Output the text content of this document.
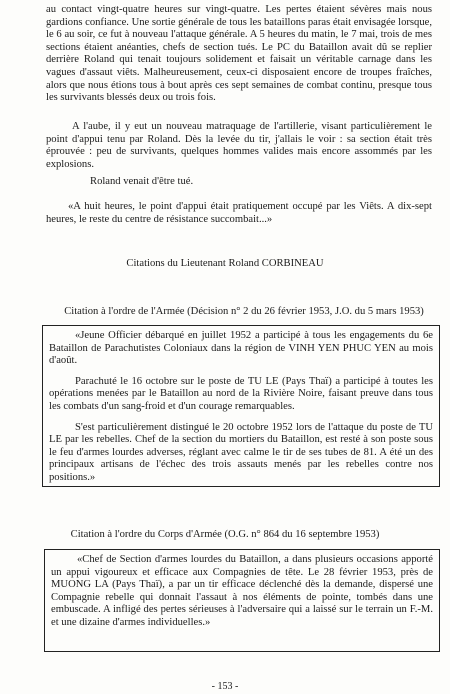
au contact vingt-quatre heures sur vingt-quatre. Les pertes étaient sévères mais nous gardions confiance. Une sortie générale de tous les bataillons paras était envisagée lorsque, le 6 au soir, ce fut à nouveau l'attaque générale. A 5 heures du matin, le 7 mai, trois de mes sections étaient anéanties, chefs de section tués. Le PC du Bataillon avait dû se replier derrière Roland qui tenait toujours solidement et faisait un véritable carnage dans les vagues d'assaut viêts. Malheureusement, ceux-ci disposaient encore de troupes fraîches, alors que nous étions tous à bout après ces sept semaines de combat continu, presque tous les survivants blessés deux ou trois fois.

A l'aube, il y eut un nouveau matraquage de l'artillerie, visant particulièrement le point d'appui tenu par Roland. Dès la levée du tir, j'allais le voir : sa section était très éprouvée : peu de survivants, quelques hommes valides mais encore assommés par les explosions.

Roland venait d'être tué.

«A huit heures, le point d'appui était pratiquement occupé par les Viêts. A dix-sept heures, le reste du centre de résistance succombait...»

Citations du Lieutenant Roland CORBINEAU
Citation à l'ordre de l'Armée (Décision n° 2 du 26 février 1953, J.O. du 5 mars 1953)

«Jeune Officier débarqué en juillet 1952 a participé à tous les engagements du 6e Bataillon de Parachutistes Coloniaux dans la région de VINH YEN PHUC YEN au mois d'août.

Parachuté le 16 octobre sur le poste de TU LE (Pays Thaï) a participé à toutes les opérations menées par le Bataillon au nord de la Rivière Noire, faisant preuve dans tous les combats d'un sang-froid et d'un courage remarquables.

S'est particulièrement distingué le 20 octobre 1952 lors de l'attaque du poste de TU LE par les rebelles. Chef de la section du mortiers du Bataillon, est resté à son poste sous le feu d'armes lourdes adverses, réglant avec calme le tir de ses tubes de 81. A été un des principaux artisans de l'échec des trois assauts menés par les rebelles contre nos positions.»

Citation à l'ordre du Corps d'Armée (O.G. n° 864 du 16 septembre 1953)

«Chef de Section d'armes lourdes du Bataillon, a dans plusieurs occasions apporté un appui vigoureux et efficace aux Compagnies de tête. Le 28 février 1953, près de MUONG LA (Pays Thaï), a par un tir efficace déclenché dès la demande, dispersé une Compagnie rebelle qui donnait l'assaut à nos éléments de pointe, tombés dans une embuscade. A infligé des pertes sérieuses à l'adversaire qui a laissé sur le terrain un F.-M. et une dizaine d'armes individuelles.»

- 153 -
